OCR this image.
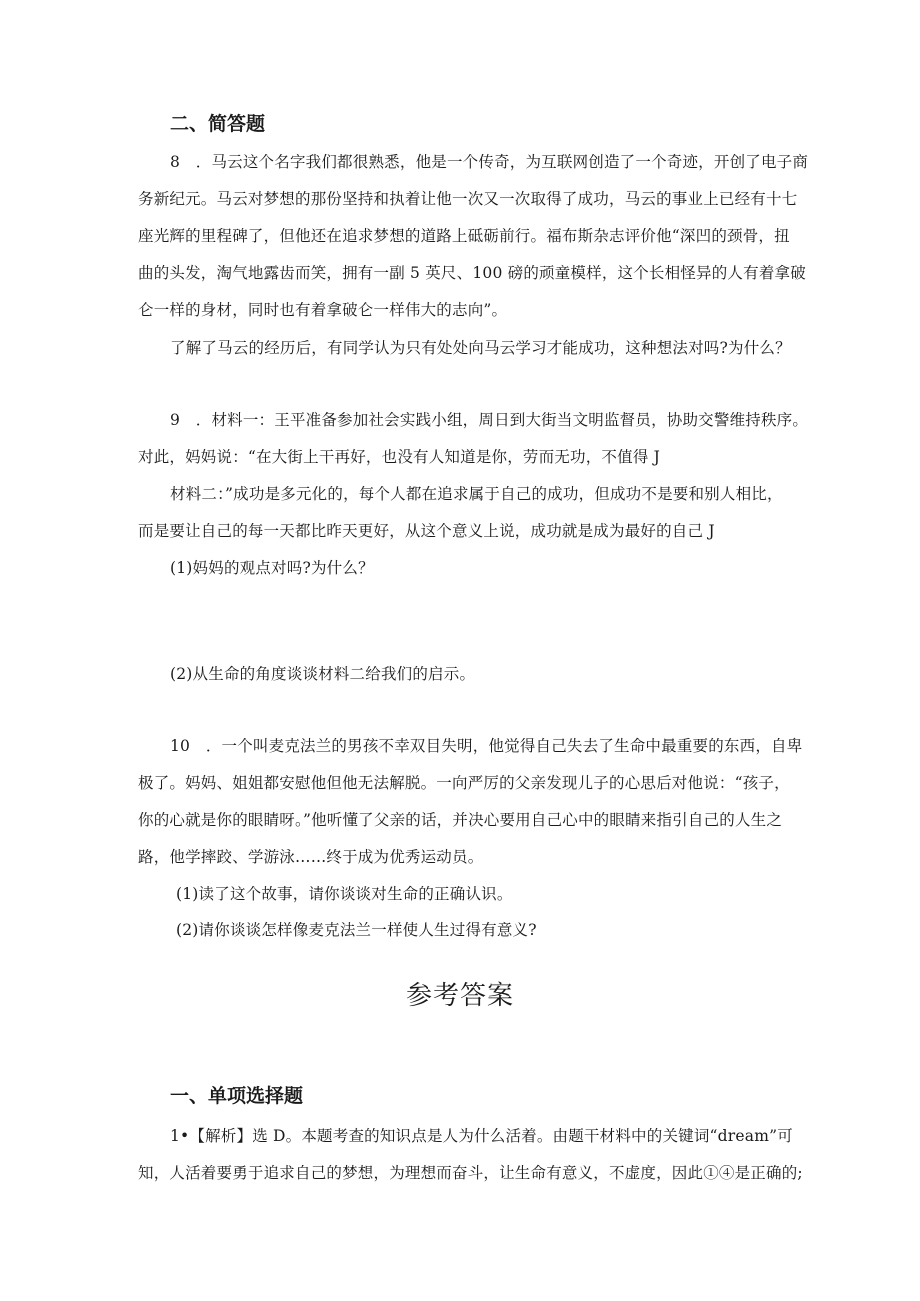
二、简答题
8　．马云这个名字我们都很熟悉，他是一个传奇，为互联网创造了一个奇迹，开创了电子商
务新纪元。马云对梦想的那份坚持和执着让他一次又一次取得了成功，马云的事业上已经有十七
座光辉的里程碑了，但他还在追求梦想的道路上砥砺前行。福布斯杂志评价他“深凹的颈骨，扭
曲的头发，淘气地露齿而笑，拥有一副 5 英尺、100 磅的顽童模样，这个长相怪异的人有着拿破
仑一样的身材，同时也有着拿破仑一样伟大的志向”。
了解了马云的经历后，有同学认为只有处处向马云学习才能成功，这种想法对吗?为什么？
9　．材料一：王平准备参加社会实践小组，周日到大街当文明监督员，协助交警维持秩序。
对此，妈妈说：“在大街上干再好，也没有人知道是你，劳而无功，不值得 J
材料二：”成功是多元化的，每个人都在追求属于自己的成功，但成功不是要和别人相比，
而是要让自己的每一天都比昨天更好，从这个意义上说，成功就是成为最好的自己 J
(1)妈妈的观点对吗?为什么？
(2)从生命的角度谈谈材料二给我们的启示。
10　．一个叫麦克法兰的男孩不幸双目失明，他觉得自己失去了生命中最重要的东西，自卑
极了。妈妈、姐姐都安慰他但他无法解脱。一向严厉的父亲发现儿子的心思后对他说：“孩子，
你的心就是你的眼睛呀。”他听懂了父亲的话，并决心要用自己心中的眼睛来指引自己的人生之
路，他学摔跤、学游泳……终于成为优秀运动员。
(1)读了这个故事，请你谈谈对生命的正确认识。
(2)请你谈谈怎样像麦克法兰一样使人生过得有意义?
参考答案
一、单项选择题
1•【解析】选 D。本题考查的知识点是人为什么活着。由题干材料中的关键词“dream”可
知，人活着要勇于追求自己的梦想，为理想而奋斗，让生命有意义，不虚度，因此①④是正确的;
